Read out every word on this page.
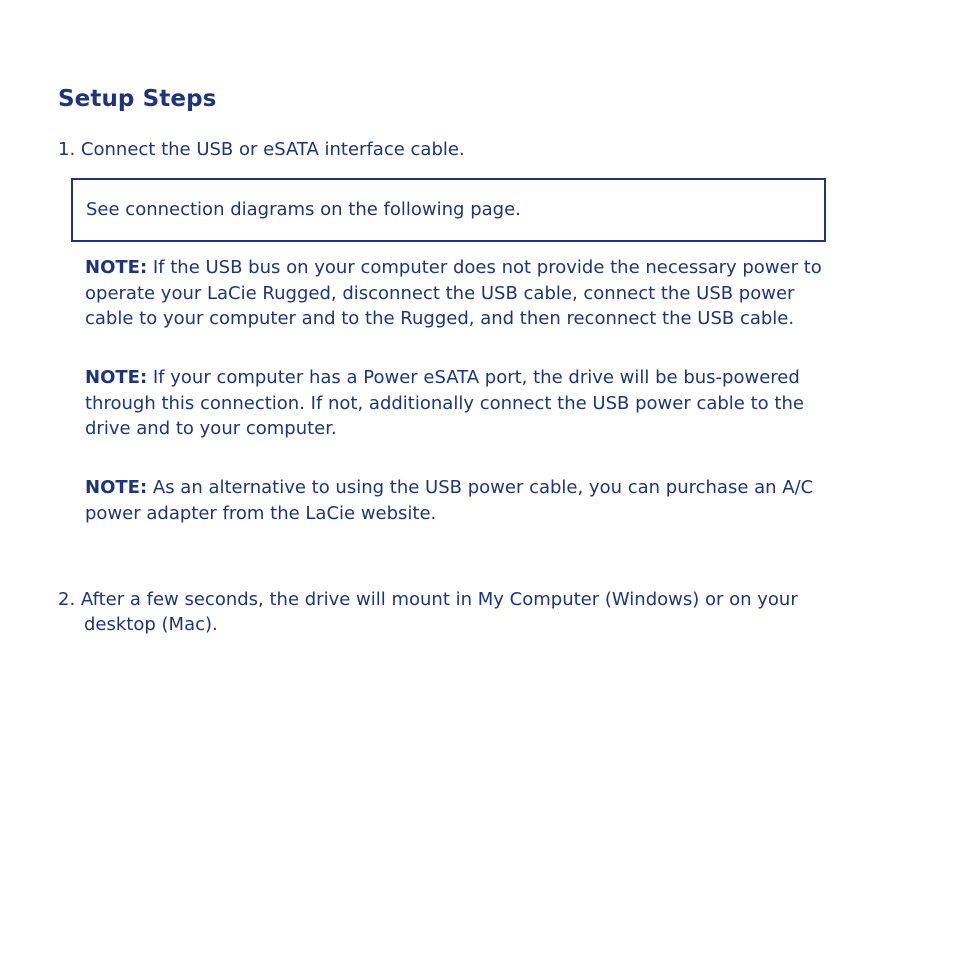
Setup Steps

1. Connect the USB or eSATA interface cable.

See connection diagrams on the following page.

NOTE: If the USB bus on your computer does not provide the necessary power to operate your LaCie Rugged, disconnect the USB cable, connect the USB power cable to your computer and to the Rugged, and then reconnect the USB cable.

NOTE: If your computer has a Power eSATA port, the drive will be bus-powered through this connection. If not, additionally connect the USB power cable to the drive and to your computer.

NOTE: As an alternative to using the USB power cable, you can purchase an A/C power adapter from the LaCie website.

2. After a few seconds, the drive will mount in My Computer (Windows) or on your desktop (Mac).
